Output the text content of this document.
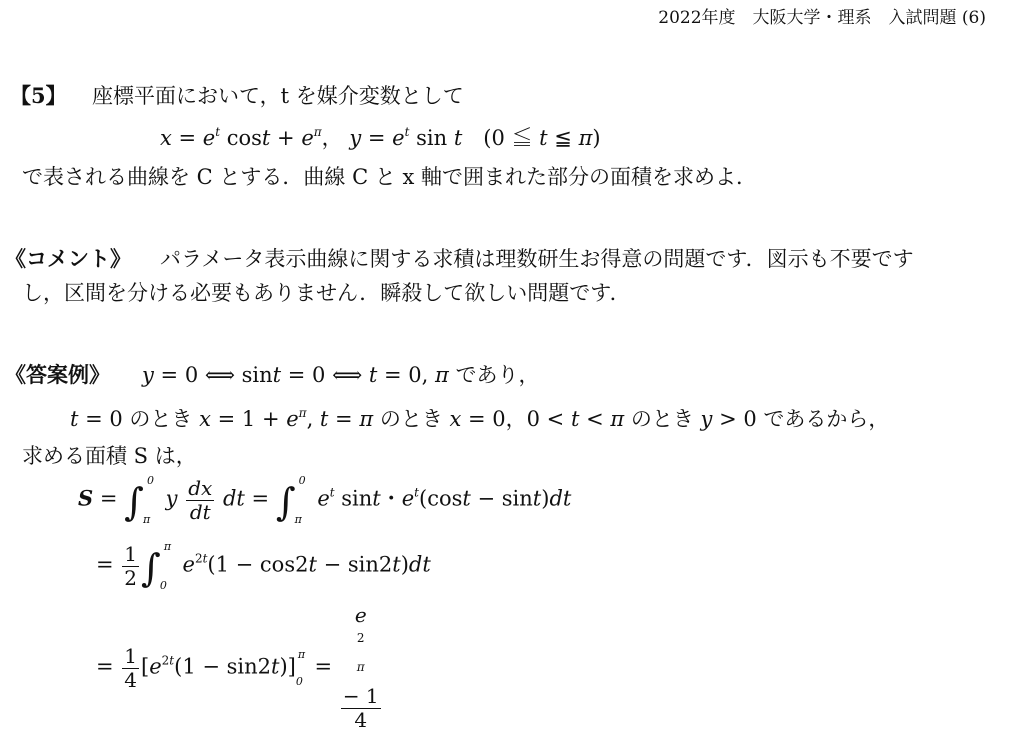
2022年度　大阪大学・理系　入試問題 (6)
【5】 座標平面において，t を媒介変数として
$x = e^t$ $\cos t + e^\pi$， $y = e^t$ sin t　(0 ≦ t ≦ π)
で表される曲線を C とする．曲線 C と x 軸で囲まれた部分の面積を求めよ．
《コメント》 パラメータ表示曲線に関する求積は理数研生お得意の問題です．図示も不要です
し，区間を分ける必要もありません．瞬殺して欲しい問題です．
《答案例》 y = 0 ⟺ sint = 0 ⟺ t = 0, π であり，
t = 0 のとき $x = 1 + e^\pi$, t = π のとき x = 0，0 < t < π のとき y > 0 であるから，
求める面積 S は，
S = ∫ 0
π
y $\frac{dx}{dt}$ dt = ∫ 0
π
$e^t$ sint・$e^t(\cos t - \sin t)dt$
= $\frac{1}{2}$ ∫ π
0
$e^{2t}(1 - \cos 2t - \sin 2t)dt$
= $\frac{1}{4} [e^{2t}(1 - \sin 2t)]$ π
0
= e
$^{2 \pi}$
− 1
4
